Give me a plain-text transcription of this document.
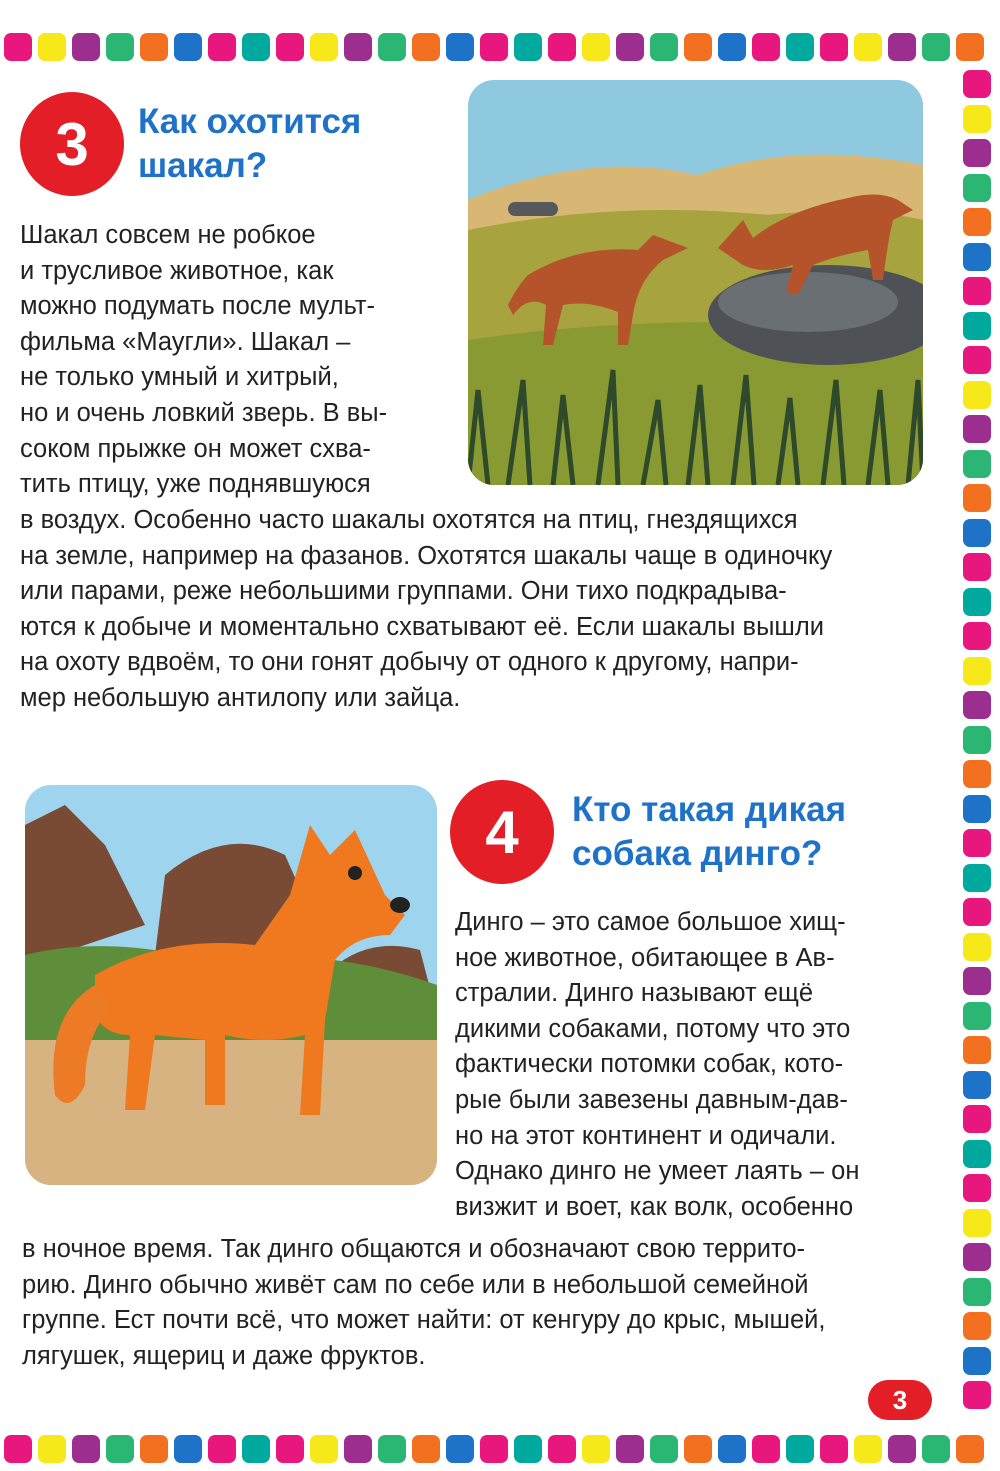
3	Как охотится
шакал?
Шакал совсем не робкое
и трусливое животное, как
можно подумать после мульт-
фильма «Маугли». Шакал –
не только умный и хитрый,
но и очень ловкий зверь. В вы-
соком прыжке он может схва-
тить птицу, уже поднявшуюся
в воздух. Особенно часто шакалы охотятся на птиц, гнездящихся
на земле, например на фазанов. Охотятся шакалы чаще в одиночку
или парами, реже небольшими группами. Они тихо подкрадыва-
ются к добыче и моментально схватывают её. Если шакалы вышли
на охоту вдвоём, то они гонят добычу от одного к другому, напри-
мер небольшую антилопу или зайца.
4	Кто такая дикая
собака динго?
Динго – это самое большое хищ-
ное животное, обитающее в Ав-
стралии. Динго называют ещё
дикими собаками, потому что это
фактически потомки собак, кото-
рые были завезены давным-дав-
но на этот континент и одичали.
Однако динго не умеет лаять – он
визжит и воет, как волк, особенно
в ночное время. Так динго общаются и обозначают свою террито-
рию. Динго обычно живёт сам по себе или в небольшой семейной
группе. Ест почти всё, что может найти: от кенгуру до крыс, мышей,
лягушек, ящериц и даже фруктов.
3
